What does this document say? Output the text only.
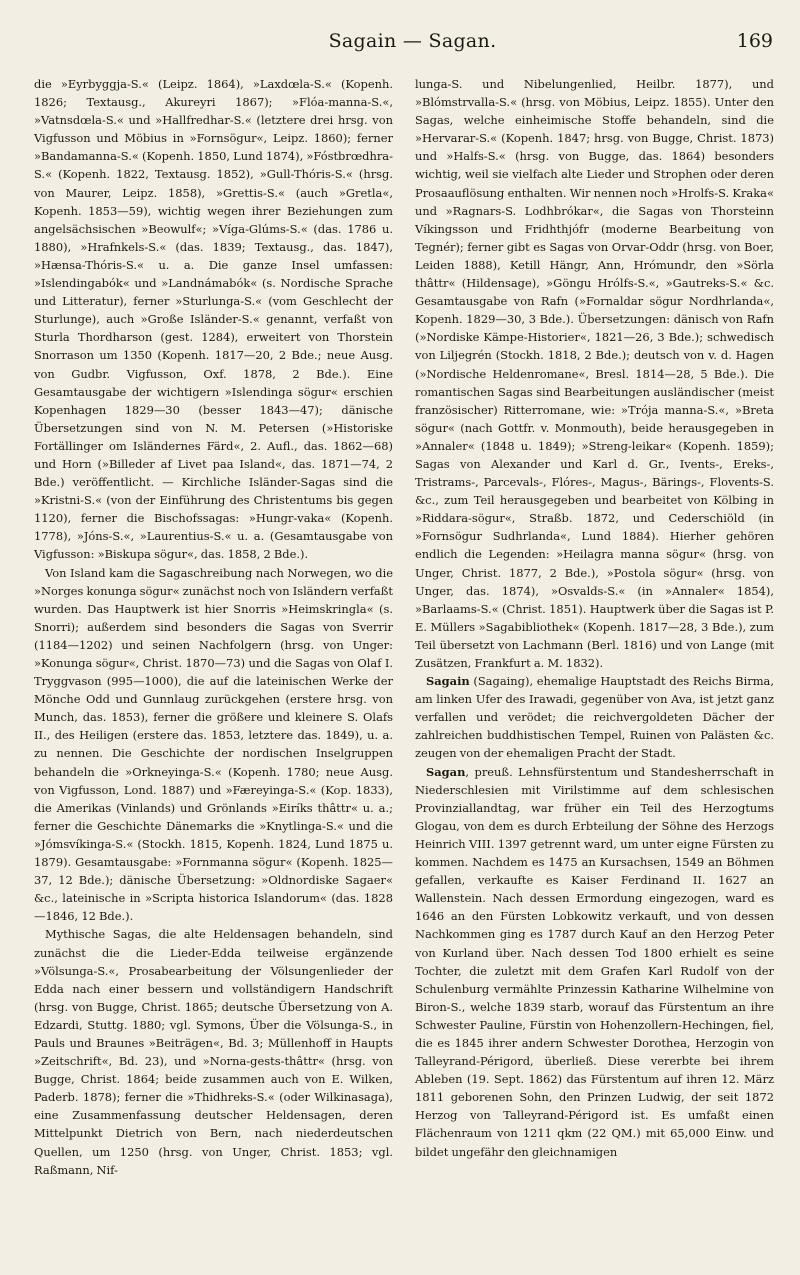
Sagain — Sagan.	169

die »Eyrbyggja-S.« (Leipz. 1864), »Laxdœla-S.« (Kopenh. 1826; Textausg., Akureyri 1867); »Flóa-manna-S.«, »Vatnsdœla-S.« und »Hallfredhar-S.« (letztere drei hrsg. von Vigfusson und Möbius in »Fornsögur«, Leipz. 1860); ferner »Bandamanna-S.« (Kopenh. 1850, Lund 1874), »Fóstbrœdhra-S.« (Kopenh. 1822, Textausg. 1852), »Gull-Thóris-S.« (hrsg. von Maurer, Leipz. 1858), »Grettis-S.« (auch »Gretla«, Kopenh. 1853—59), wichtig wegen ihrer Beziehungen zum angelsächsischen »Beowulf«; »Víga-Glúms-S.« (das. 1786 u. 1880), »Hrafnkels-S.« (das. 1839; Textausg., das. 1847), »Hænsa-Thóris-S.« u. a. Die ganze Insel umfassen: »Islendingabók« und »Landnámabók« (s. Nordische Sprache und Litteratur), ferner »Sturlunga-S.« (vom Geschlecht der Sturlunge), auch »Große Isländer-S.« genannt, verfaßt von Sturla Thordharson (gest. 1284), erweitert von Thorstein Snorrason um 1350 (Kopenh. 1817—20, 2 Bde.; neue Ausg. von Gudbr. Vigfusson, Oxf. 1878, 2 Bde.). Eine Gesamtausgabe der wichtigern »Islendinga sögur« erschien Kopenhagen 1829—30 (besser 1843—47); dänische Übersetzungen sind von N. M. Petersen (»Historiske Fortällinger om Isländernes Färd«, 2. Aufl., das. 1862—68) und Horn (»Billeder af Livet paa Island«, das. 1871—74, 2 Bde.) veröffentlicht. — Kirchliche Isländer-Sagas sind die »Kristni-S.« (von der Einführung des Christentums bis gegen 1120), ferner die Bischofssagas: »Hungr-vaka« (Kopenh. 1778), »Jóns-S.«, »Laurentius-S.« u. a. (Gesamtausgabe von Vigfusson: »Biskupa sögur«, das. 1858, 2 Bde.).

Von Island kam die Sagaschreibung nach Norwegen, wo die »Norges konunga sögur« zunächst noch von Isländern verfaßt wurden. Das Hauptwerk ist hier Snorris »Heimskringla« (s. Snorri); außerdem sind besonders die Sagas von Sverrir (1184—1202) und seinen Nachfolgern (hrsg. von Unger: »Konunga sögur«, Christ. 1870—73) und die Sagas von Olaf I. Tryggvason (995—1000), die auf die lateinischen Werke der Mönche Odd und Gunnlaug zurückgehen (erstere hrsg. von Munch, das. 1853), ferner die größere und kleinere S. Olafs II., des Heiligen (erstere das. 1853, letztere das. 1849), u. a. zu nennen. Die Geschichte der nordischen Inselgruppen behandeln die »Orkneyinga-S.« (Kopenh. 1780; neue Ausg. von Vigfusson, Lond. 1887) und »Færeyinga-S.« (Kop. 1833), die Amerikas (Vinlands) und Grönlands »Eiríks thâttr« u. a.; ferner die Geschichte Dänemarks die »Knytlinga-S.« und die »Jómsvíkinga-S.« (Stockh. 1815, Kopenh. 1824, Lund 1875 u. 1879). Gesamtausgabe: »Fornmanna sögur« (Kopenh. 1825—37, 12 Bde.); dänische Übersetzung: »Oldnordiske Sagaer« &c., lateinische in »Scripta historica Islandorum« (das. 1828—1846, 12 Bde.).

Mythische Sagas, die alte Heldensagen behandeln, sind zunächst die die Lieder-Edda teilweise ergänzende »Völsunga-S.«, Prosabearbeitung der Völsungenlieder der Edda nach einer bessern und vollständigern Handschrift (hrsg. von Bugge, Christ. 1865; deutsche Übersetzung von A. Edzardi, Stuttg. 1880; vgl. Symons, Über die Völsunga-S., in Pauls und Braunes »Beiträgen«, Bd. 3; Müllenhoff in Haupts »Zeitschrift«, Bd. 23), und »Norna-gests-thâttr« (hrsg. von Bugge, Christ. 1864; beide zusammen auch von E. Wilken, Paderb. 1878); ferner die »Thidhreks-S.« (oder Wilkinasaga), eine Zusammenfassung deutscher Heldensagen, deren Mittelpunkt Dietrich von Bern, nach niederdeutschen Quellen, um 1250 (hrsg. von Unger, Christ. 1853; vgl. Raßmann, Nif-

lunga-S. und Nibelungenlied, Heilbr. 1877), und »Blómstrvalla-S.« (hrsg. von Möbius, Leipz. 1855). Unter den Sagas, welche einheimische Stoffe behandeln, sind die »Hervarar-S.« (Kopenh. 1847; hrsg. von Bugge, Christ. 1873) und »Halfs-S.« (hrsg. von Bugge, das. 1864) besonders wichtig, weil sie vielfach alte Lieder und Strophen oder deren Prosaauflösung enthalten. Wir nennen noch »Hrolfs-S. Kraka« und »Ragnars-S. Lodhbrókar«, die Sagas von Thorsteinn Víkingsson und Fridhthjófr (moderne Bearbeitung von Tegnér); ferner gibt es Sagas von Orvar-Oddr (hrsg. von Boer, Leiden 1888), Ketill Hängr, Ann, Hrómundr, den »Sörla thâttr« (Hildensage), »Göngu Hrólfs-S.«, »Gautreks-S.« &c. Gesamtausgabe von Rafn (»Fornaldar sögur Nordhrlanda«, Kopenh. 1829—30, 3 Bde.). Übersetzungen: dänisch von Rafn (»Nordiske Kämpe-Historier«, 1821—26, 3 Bde.); schwedisch von Liljegrén (Stockh. 1818, 2 Bde.); deutsch von v. d. Hagen (»Nordische Heldenromane«, Bresl. 1814—28, 5 Bde.). Die romantischen Sagas sind Bearbeitungen ausländischer (meist französischer) Ritterromane, wie: »Trója manna-S.«, »Breta sögur« (nach Gottfr. v. Monmouth), beide herausgegeben in »Annaler« (1848 u. 1849); »Streng-leikar« (Kopenh. 1859); Sagas von Alexander und Karl d. Gr., Ivents-, Ereks-, Tristrams-, Parcevals-, Flóres-, Magus-, Bärings-, Flovents-S. &c., zum Teil herausgegeben und bearbeitet von Kölbing in »Riddara-sögur«, Straßb. 1872, und Cederschiöld (in »Fornsögur Sudhrlanda«, Lund 1884). Hierher gehören endlich die Legenden: »Heilagra manna sögur« (hrsg. von Unger, Christ. 1877, 2 Bde.), »Postola sögur« (hrsg. von Unger, das. 1874), »Osvalds-S.« (in »Annaler« 1854), »Barlaams-S.« (Christ. 1851). Hauptwerk über die Sagas ist P. E. Müllers »Sagabibliothek« (Kopenh. 1817—28, 3 Bde.), zum Teil übersetzt von Lachmann (Berl. 1816) und von Lange (mit Zusätzen, Frankfurt a. M. 1832).

Sagain (Sagaing), ehemalige Hauptstadt des Reichs Birma, am linken Ufer des Irawadi, gegenüber von Ava, ist jetzt ganz verfallen und verödet; die reichvergoldeten Dächer der zahlreichen buddhistischen Tempel, Ruinen von Palästen &c. zeugen von der ehemaligen Pracht der Stadt.

Sagan, preuß. Lehnsfürstentum und Standesherrschaft in Niederschlesien mit Virilstimme auf dem schlesischen Provinziallandtag, war früher ein Teil des Herzogtums Glogau, von dem es durch Erbteilung der Söhne des Herzogs Heinrich VIII. 1397 getrennt ward, um unter eigne Fürsten zu kommen. Nachdem es 1475 an Kursachsen, 1549 an Böhmen gefallen, verkaufte es Kaiser Ferdinand II. 1627 an Wallenstein. Nach dessen Ermordung eingezogen, ward es 1646 an den Fürsten Lobkowitz verkauft, und von dessen Nachkommen ging es 1787 durch Kauf an den Herzog Peter von Kurland über. Nach dessen Tod 1800 erhielt es seine Tochter, die zuletzt mit dem Grafen Karl Rudolf von der Schulenburg vermählte Prinzessin Katharine Wilhelmine von Biron-S., welche 1839 starb, worauf das Fürstentum an ihre Schwester Pauline, Fürstin von Hohenzollern-Hechingen, fiel, die es 1845 ihrer andern Schwester Dorothea, Herzogin von Talleyrand-Périgord, überließ. Diese vererbte bei ihrem Ableben (19. Sept. 1862) das Fürstentum auf ihren 12. März 1811 geborenen Sohn, den Prinzen Ludwig, der seit 1872 Herzog von Talleyrand-Périgord ist. Es umfaßt einen Flächenraum von 1211 qkm (22 QM.) mit 65,000 Einw. und bildet ungefähr den gleichnamigen
